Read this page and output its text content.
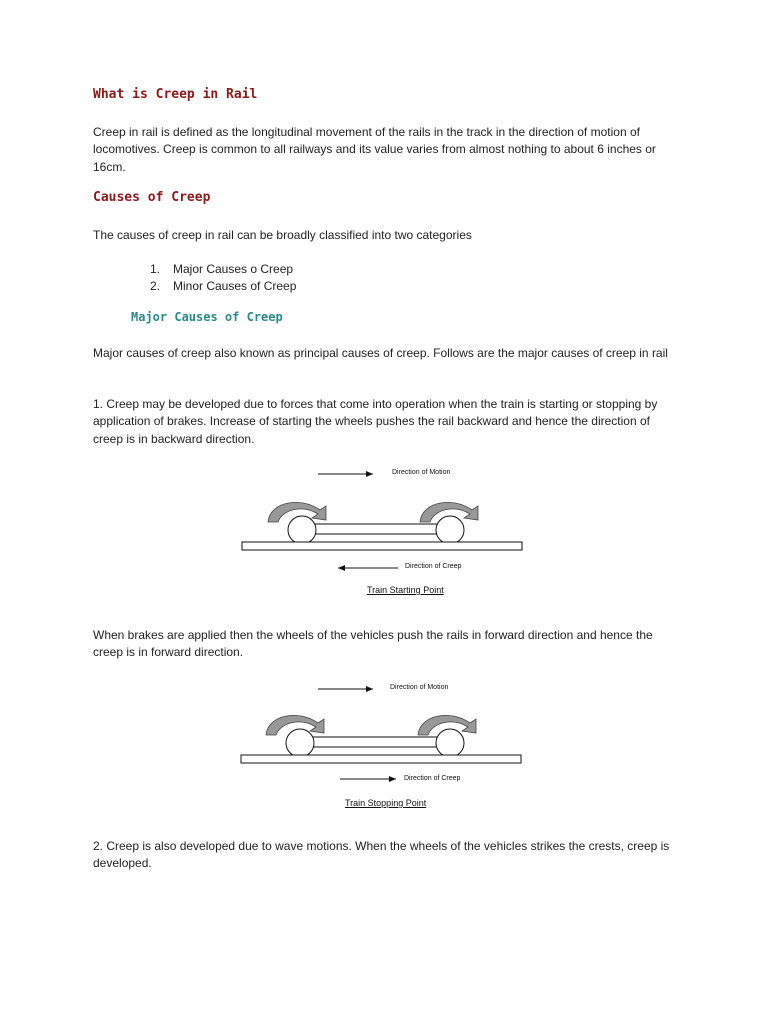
What is Creep in Rail

Creep in rail is defined as the longitudinal movement of the rails in the track in the direction of motion of locomotives. Creep is common to all railways and its value varies from almost nothing to about 6 inches or 16cm.

Causes of Creep

The causes of creep in rail can be broadly classified into two categories

1. Major Causes o Creep
2. Minor Causes of Creep
Major Causes of Creep

Major causes of creep also known as principal causes of creep. Follows are the major causes of creep in rail

1. Creep may be developed due to forces that come into operation when the train is starting or stopping by application of brakes. Increase of starting the wheels pushes the rail backward and hence the direction of creep is in backward direction.

Direction of Motion
Direction of Creep
Train Starting Point

When brakes are applied then the wheels of the vehicles push the rails in forward direction and hence the creep is in forward direction.

Direction of Motion
Direction of Creep
Train Stopping Point

2. Creep is also developed due to wave motions. When the wheels of the vehicles strikes the crests, creep is developed.
